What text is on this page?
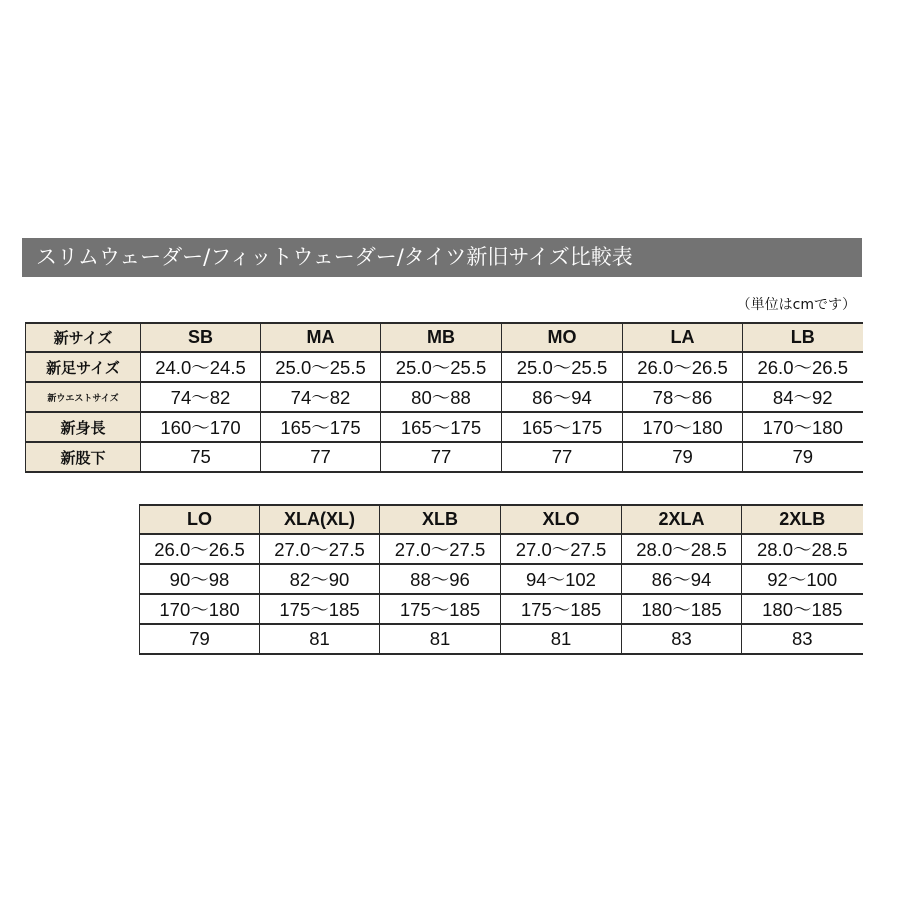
スリムウェーダー/フィットウェーダー/タイツ新旧サイズ比較表
（単位はcmです）
新サイズ	SB	MA	MB	MO	LA	LB
新足サイズ	24.0～24.5	25.0～25.5	25.0～25.5	25.0～25.5	26.0～26.5	26.0～26.5
新ウエストサイズ	74～82	74～82	80～88	86～94	78～86	84～92
新身長	160～170	165～175	165～175	165～175	170～180	170～180
新股下	75	77	77	77	79	79
LO	XLA(XL)	XLB	XLO	2XLA	2XLB
26.0～26.5	27.0～27.5	27.0～27.5	27.0～27.5	28.0～28.5	28.0～28.5
90～98	82～90	88～96	94～102	86～94	92～100
170～180	175～185	175～185	175～185	180～185	180～185
79	81	81	81	83	83
